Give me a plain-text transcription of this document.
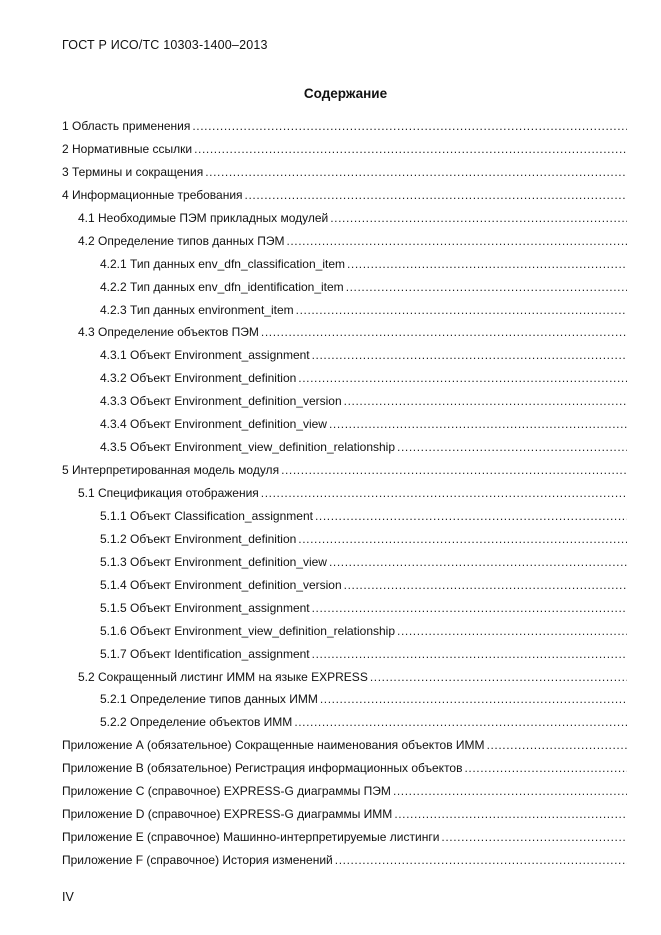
ГОСТ Р ИСО/ТС 10303-1400–2013
Содержание
1 Область применения
.....
2 Нормативные ссылки
.....
3 Термины и сокращения
.....
4 Информационные требования
.....
4.1 Необходимые ПЭМ прикладных модулей
.....
4.2 Определение типов данных ПЭМ
.....
4.2.1 Тип данных env_dfn_classification_item
.....
4.2.2 Тип данных env_dfn_identification_item
.....
4.2.3 Тип данных environment_item
.....
4.3 Определение объектов ПЭМ
.....
4.3.1 Объект Environment_assignment
.....
4.3.2 Объект Environment_definition
.....
4.3.3 Объект Environment_definition_version
.....
4.3.4 Объект Environment_definition_view
.....
4.3.5 Объект Environment_view_definition_relationship
.....
5 Интерпретированная модель модуля
.....
5.1 Спецификация отображения
.....
5.1.1 Объект Classification_assignment
.....
5.1.2 Объект Environment_definition
.....
5.1.3 Объект Environment_definition_view
.....
5.1.4 Объект Environment_definition_version
.....
5.1.5 Объект Environment_assignment
.....
5.1.6 Объект Environment_view_definition_relationship
.....
5.1.7 Объект Identification_assignment
.....
5.2 Сокращенный листинг ИММ на языке EXPRESS
.....
5.2.1 Определение типов данных ИММ
.....
5.2.2 Определение объектов ИММ
.....
Приложение А (обязательное) Сокращенные наименования объектов ИММ
.....
Приложение В (обязательное) Регистрация информационных объектов
.....
Приложение С (справочное) EXPRESS-G диаграммы ПЭМ
.....
Приложение D (справочное) EXPRESS-G диаграммы ИММ
.....
Приложение Е (справочное) Машинно-интерпретируемые листинги
.....
Приложение F (справочное) История изменений
.....
IV
